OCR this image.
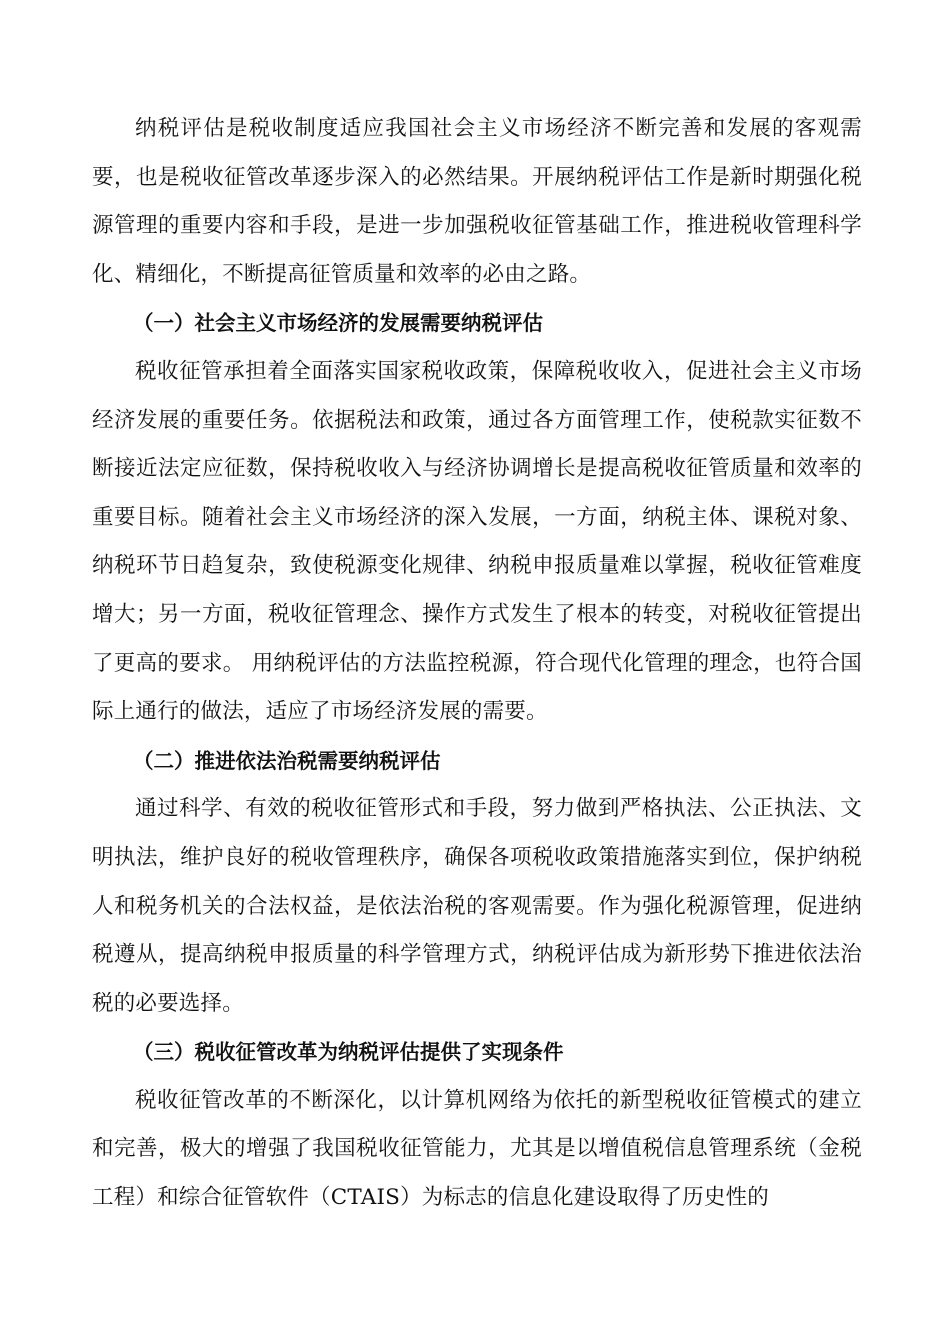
纳税评估是税收制度适应我国社会主义市场经济不断完善和发展的客观需要，也是税收征管改革逐步深入的必然结果。开展纳税评估工作是新时期强化税源管理的重要内容和手段，是进一步加强税收征管基础工作，推进税收管理科学化、精细化，不断提高征管质量和效率的必由之路。

（一）社会主义市场经济的发展需要纳税评估

税收征管承担着全面落实国家税收政策，保障税收收入，促进社会主义市场经济发展的重要任务。依据税法和政策，通过各方面管理工作，使税款实征数不断接近法定应征数，保持税收收入与经济协调增长是提高税收征管质量和效率的重要目标。随着社会主义市场经济的深入发展，一方面，纳税主体、课税对象、纳税环节日趋复杂，致使税源变化规律、纳税申报质量难以掌握，税收征管难度增大；另一方面，税收征管理念、操作方式发生了根本的转变，对税收征管提出了更高的要求。 用纳税评估的方法监控税源，符合现代化管理的理念，也符合国际上通行的做法，适应了市场经济发展的需要。

（二）推进依法治税需要纳税评估

通过科学、有效的税收征管形式和手段，努力做到严格执法、公正执法、文明执法，维护良好的税收管理秩序，确保各项税收政策措施落实到位，保护纳税人和税务机关的合法权益，是依法治税的客观需要。作为强化税源管理，促进纳税遵从，提高纳税申报质量的科学管理方式，纳税评估成为新形势下推进依法治税的必要选择。

（三）税收征管改革为纳税评估提供了实现条件

税收征管改革的不断深化，以计算机网络为依托的新型税收征管模式的建立和完善，极大的增强了我国税收征管能力，尤其是以增值税信息管理系统（金税工程）和综合征管软件（CTAIS）为标志的信息化建设取得了历史性的
